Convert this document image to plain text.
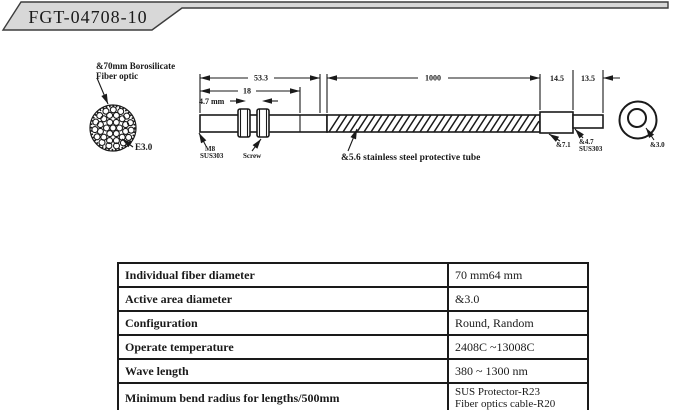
FGT-04708-10
&70mm Borosilicate
Fiber optic
E3.0
53.3
18
4.7 mm
1000	14.5 13.5
M8
SUS303	Screw	&5.6 stainless steel protective tube
&7.1 &4.7
SUS303	&3.0
Individual fiber diameter	70 mm64 mm
Active area diameter	&3.0
Configuration	Round, Random
Operate temperature	2408C ~13008C
Wave length	380 ~ 1300 nm
Minimum bend radius for lengths/500mm	SUS Protector-R23
Fiber optics cable-R20
